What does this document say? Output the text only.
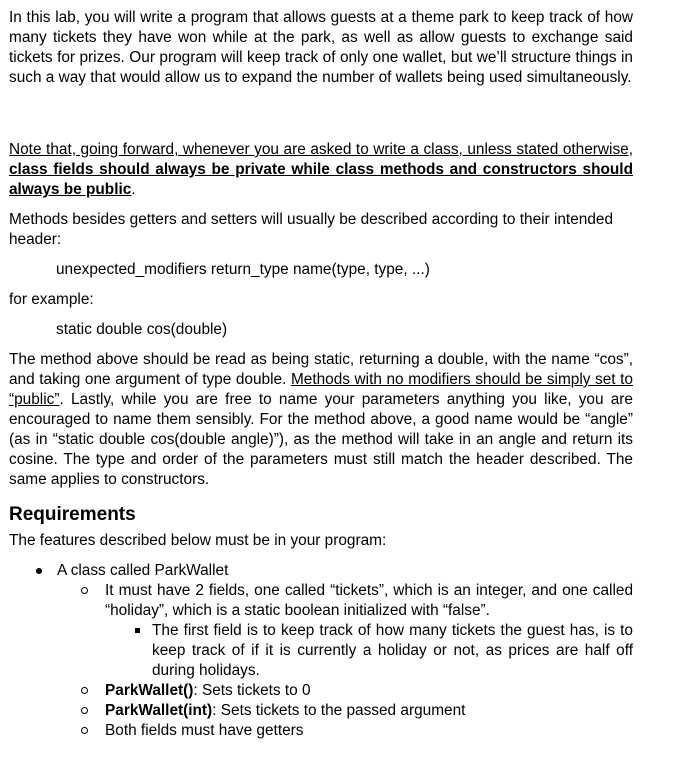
In this lab, you will write a program that allows guests at a theme park to keep track of how many tickets they have won while at the park, as well as allow guests to exchange said tickets for prizes. Our program will keep track of only one wallet, but we’ll structure things in such a way that would allow us to expand the number of wallets being used simultaneously.

Note that, going forward, whenever you are asked to write a class, unless stated otherwise, class fields should always be private while class methods and constructors should always be public.

Methods besides getters and setters will usually be described according to their intended header:

unexpected_modifiers return_type name(type, type, ...)

for example:

static double cos(double)

The method above should be read as being static, returning a double, with the name “cos”, and taking one argument of type double. Methods with no modifiers should be simply set to “public”. Lastly, while you are free to name your parameters anything you like, you are encouraged to name them sensibly. For the method above, a good name would be “angle” (as in “static double cos(double angle)”), as the method will take in an angle and return its cosine. The type and order of the parameters must still match the header described. The same applies to constructors.

Requirements

The features described below must be in your program:

A class called ParkWallet
It must have 2 fields, one called “tickets”, which is an integer, and one called “holiday”, which is a static boolean initialized with “false”.
The first field is to keep track of how many tickets the guest has, is to keep track of if it is currently a holiday or not, as prices are half off during holidays.
ParkWallet(): Sets tickets to 0
ParkWallet(int): Sets tickets to the passed argument
Both fields must have getters
